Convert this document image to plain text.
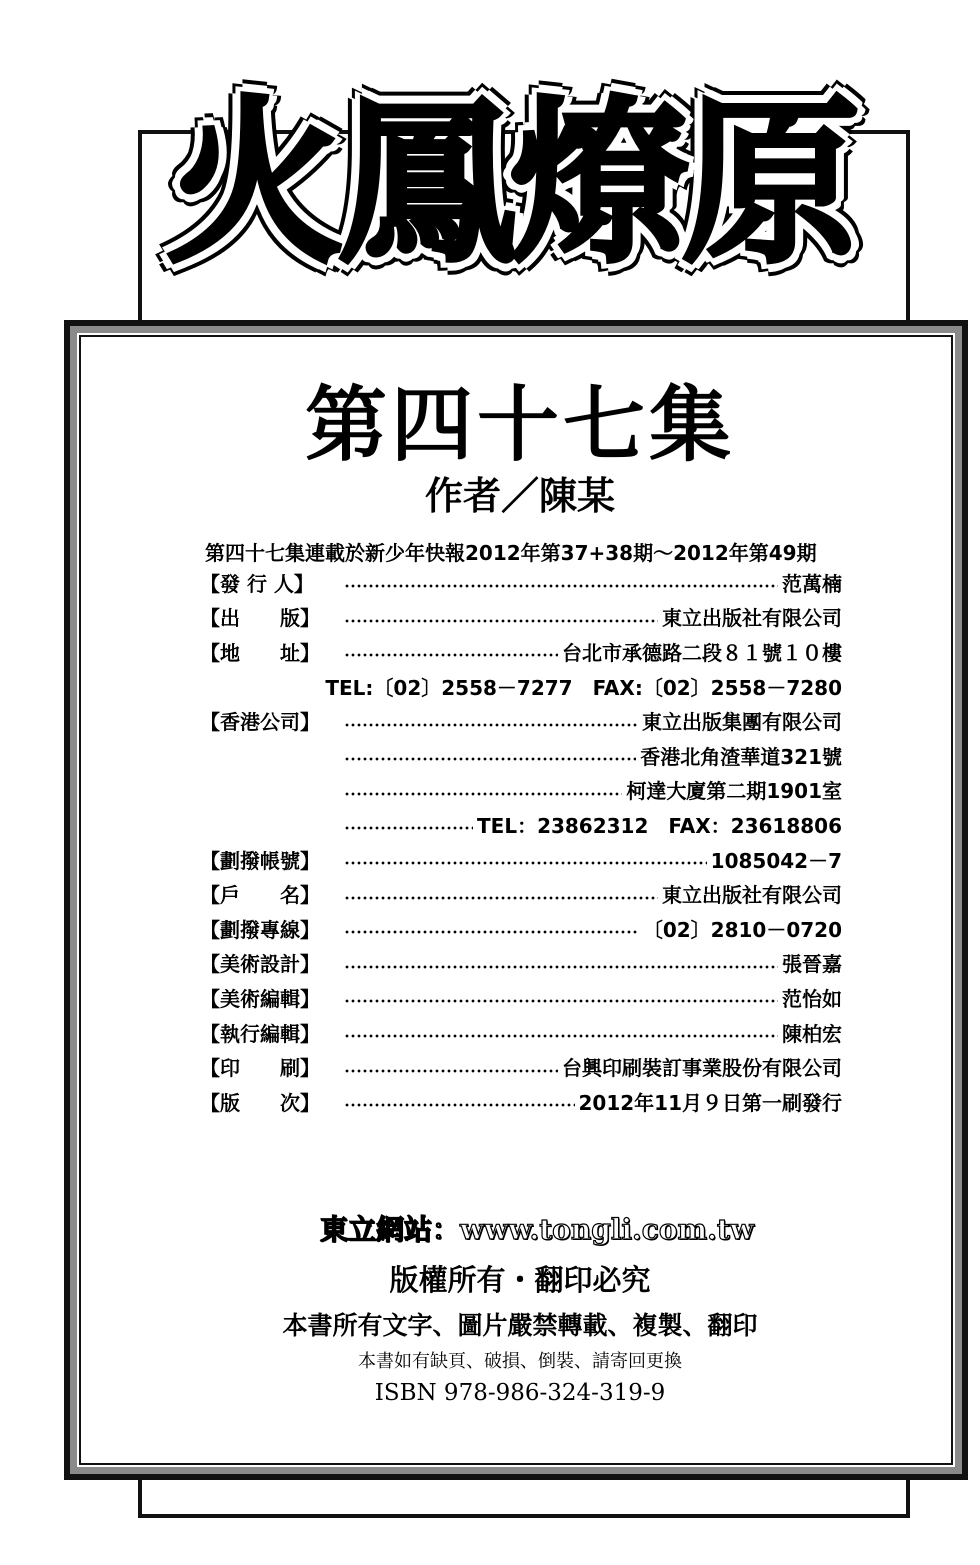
火鳳燎原
第四十七集
作者／陳某
第四十七集連載於新少年快報2012年第37+38期～2012年第49期
【發 行 人】	范萬楠
【出　　版】	東立出版社有限公司
【地　　址】	台北市承德路二段８１號１０樓
TEL:〔02〕2558－7277　FAX:〔02〕2558－7280
【香港公司】	東立出版集團有限公司
香港北角渣華道321號
柯達大廈第二期1901室
TEL：23862312　FAX：23618806
【劃撥帳號】	1085042－7
【戶　　名】	東立出版社有限公司
【劃撥專線】	〔02〕2810－0720
【美術設計】	張晉嘉
【美術編輯】	范怡如
【執行編輯】	陳柏宏
【印　　刷】	台興印刷裝訂事業股份有限公司
【版　　次】	2012年11月９日第一刷發行
東立網站：www.tongli.com.tw
版權所有・翻印必究
本書所有文字、圖片嚴禁轉載、複製、翻印
本書如有缺頁、破損、倒裝、請寄回更換
ISBN 978-986-324-319-9
